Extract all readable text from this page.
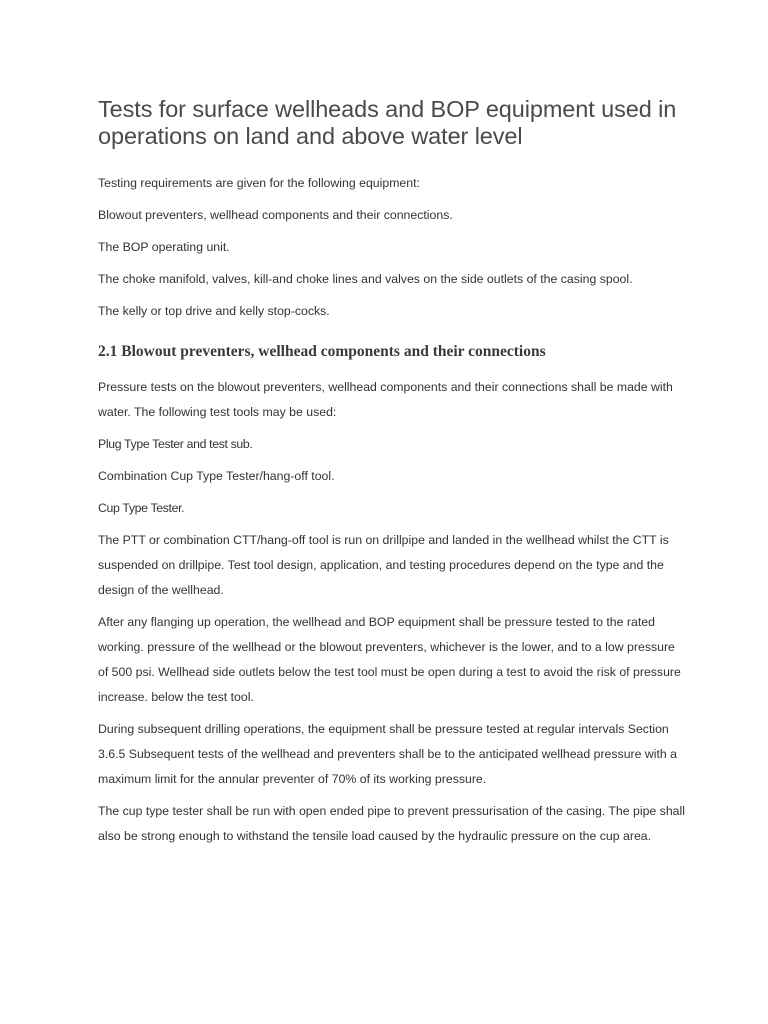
Tests for surface wellheads and BOP equipment used in operations on land and above water level

Testing requirements are given for the following equipment:

Blowout preventers, wellhead components and their connections.

The BOP operating unit.

The choke manifold, valves, kill-and choke lines and valves on the side outlets of the casing spool.

The kelly or top drive and kelly stop-cocks.

2.1 Blowout preventers, wellhead components and their connections

Pressure tests on the blowout preventers, wellhead components and their connections shall be made with water. The following test tools may be used:

Plug Type Tester and test sub.

Combination Cup Type Tester/hang-off tool.

Cup Type Tester.

The PTT or combination CTT/hang-off tool is run on drillpipe and landed in the wellhead whilst the CTT is suspended on drillpipe. Test tool design, application, and testing procedures depend on the type and the design of the wellhead.

After any flanging up operation, the wellhead and BOP equipment shall be pressure tested to the rated working. pressure of the wellhead or the blowout preventers, whichever is the lower, and to a low pressure of 500 psi. Wellhead side outlets below the test tool must be open during a test to avoid the risk of pressure increase. below the test tool.

During subsequent drilling operations, the equipment shall be pressure tested at regular intervals Section 3.6.5 Subsequent tests of the wellhead and preventers shall be to the anticipated wellhead pressure with a maximum limit for the annular preventer of 70% of its working pressure.

The cup type tester shall be run with open ended pipe to prevent pressurisation of the casing. The pipe shall also be strong enough to withstand the tensile load caused by the hydraulic pressure on the cup area.
